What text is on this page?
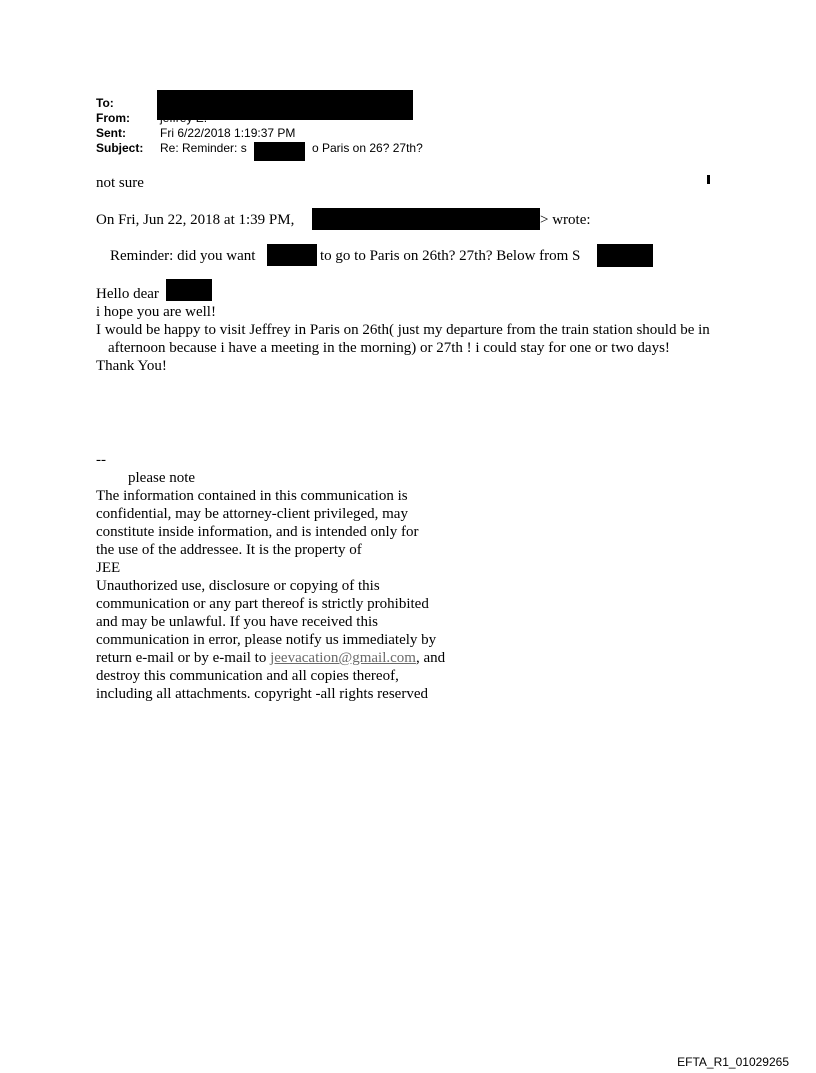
To:
From:
Sent:	Fri 6/22/2018 1:19:37 PM
Subject: Re: Reminder: s	o Paris on 26? 27th?
not sure
On Fri, Jun 22, 2018 at 1:39 PM,	> wrote:
Reminder: did you want	to go to Paris on 26th? 27th? Below from S
Hello dear

i hope you are well!

I would be happy to visit Jeffrey in Paris on 26th( just my departure from the train station should be in afternoon because i have a meeting in the morning) or 27th ! i could stay for one or two days!

Thank You!

--

please note

The information contained in this communication is

confidential, may be attorney-client privileged, may

constitute inside information, and is intended only for

the use of the addressee. It is the property of

JEE

Unauthorized use, disclosure or copying of this

communication or any part thereof is strictly prohibited

and may be unlawful. If you have received this

communication in error, please notify us immediately by

return e-mail or by e-mail to jeevacation@gmail.com, and

destroy this communication and all copies thereof,

including all attachments. copyright -all rights reserved

EFTA_R1_01029265
